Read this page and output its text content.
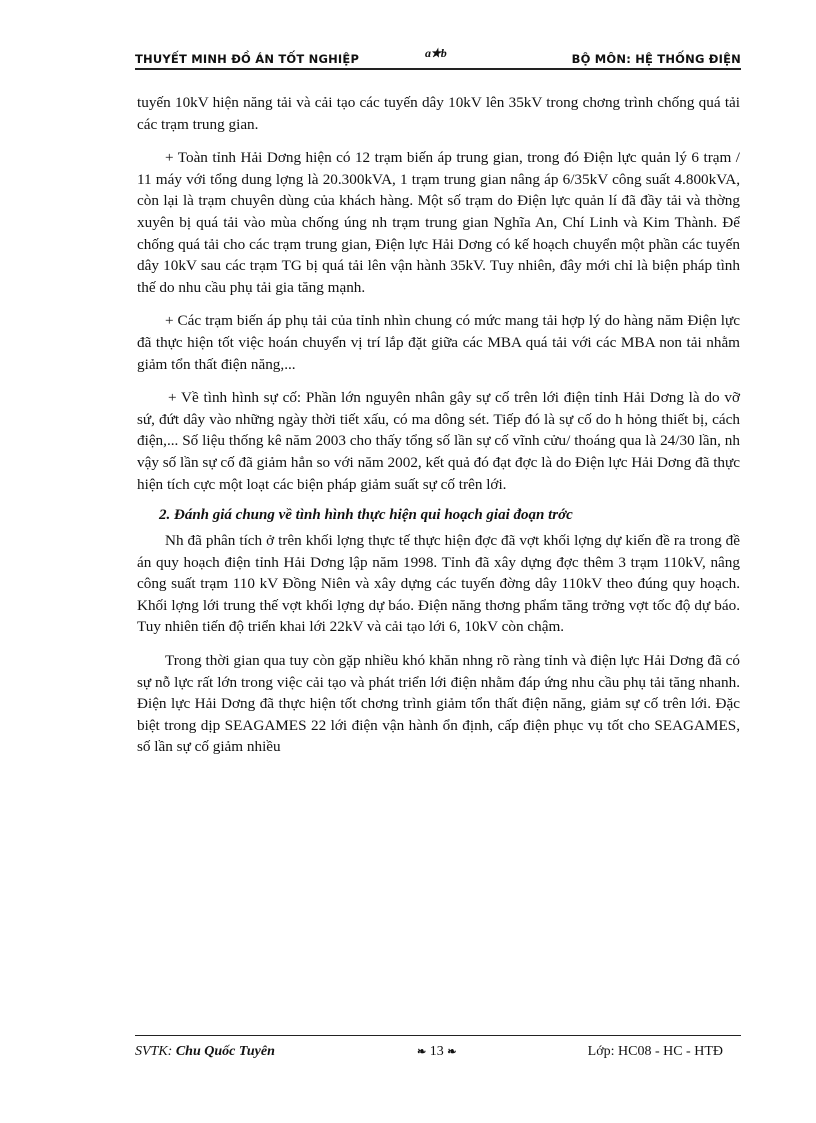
THUYẾT MINH ĐỒ ÁN TỐT NGHIỆP	a★b	BỘ MÔN: HỆ THỐNG ĐIỆN

tuyến 10kV hiện năng tải và cải tạo các tuyến dây 10kV lên 35kV trong chơng trình chống quá tải các trạm trung gian.

+ Toàn tỉnh Hải Dơng hiện có 12 trạm biến áp trung gian, trong đó Điện lực quản lý 6 trạm / 11 máy với tổng dung lợng là 20.300kVA, 1 trạm trung gian nâng áp 6/35kV công suất 4.800kVA, còn lại là trạm chuyên dùng của khách hàng. Một số trạm do Điện lực quản lí đã đầy tải và thờng xuyên bị quá tải vào mùa chống úng nh trạm trung gian Nghĩa An, Chí Linh và Kim Thành. Để chống quá tải cho các trạm trung gian, Điện lực Hải Dơng có kế hoạch chuyển một phần các tuyến dây 10kV sau các trạm TG bị quá tải lên vận hành 35kV. Tuy nhiên, đây mới chỉ là biện pháp tình thế do nhu cầu phụ tải gia tăng mạnh.

+ Các trạm biến áp phụ tải của tỉnh nhìn chung có mức mang tải hợp lý do hàng năm Điện lực đã thực hiện tốt việc hoán chuyển vị trí lắp đặt giữa các MBA quá tải với các MBA non tải nhằm giảm tổn thất điện năng,...

+ Về tình hình sự cố: Phần lớn nguyên nhân gây sự cố trên lới điện tỉnh Hải Dơng là do vỡ sứ, đứt dây vào những ngày thời tiết xấu, có ma dông sét. Tiếp đó là sự cố do h hỏng thiết bị, cách điện,... Số liệu thống kê năm 2003 cho thấy tổng số lần sự cố vĩnh cửu/ thoáng qua là 24/30 lần, nh vậy số lần sự cố đã giảm hẳn so với năm 2002, kết quả đó đạt đợc là do Điện lực Hải Dơng đã thực hiện tích cực một loạt các biện pháp giảm suất sự cố trên lới.

2. Đánh giá chung về tình hình thực hiện qui hoạch giai đoạn trớc

Nh đã phân tích ở trên khối lợng thực tế thực hiện đợc đã vợt khối lợng dự kiến đề ra trong đề án quy hoạch điện tỉnh Hải Dơng lập năm 1998. Tỉnh đã xây dựng đợc thêm 3 trạm 110kV, nâng công suất trạm 110 kV Đồng Niên và xây dựng các tuyến đờng dây 110kV theo đúng quy hoạch. Khối lợng lới trung thế vợt khối lợng dự báo. Điện năng thơng phẩm tăng trởng vợt tốc độ dự báo. Tuy nhiên tiến độ triển khai lới 22kV và cải tạo lới 6, 10kV còn chậm.

Trong thời gian qua tuy còn gặp nhiều khó khăn nhng rõ ràng tỉnh và điện lực Hải Dơng đã có sự nỗ lực rất lớn trong việc cải tạo và phát triển lới điện nhằm đáp ứng nhu cầu phụ tải tăng nhanh. Điện lực Hải Dơng đã thực hiện tốt chơng trình giảm tổn thất điện năng, giảm sự cố trên lới. Đặc biệt trong dịp SEAGAMES 22 lới điện vận hành ổn định, cấp điện phục vụ tốt cho SEAGAMES, số lần sự cố giảm nhiều

SVTK: Chu Quốc Tuyên	❧ 13 ❧	Lớp: HC08 - HC - HTĐ
